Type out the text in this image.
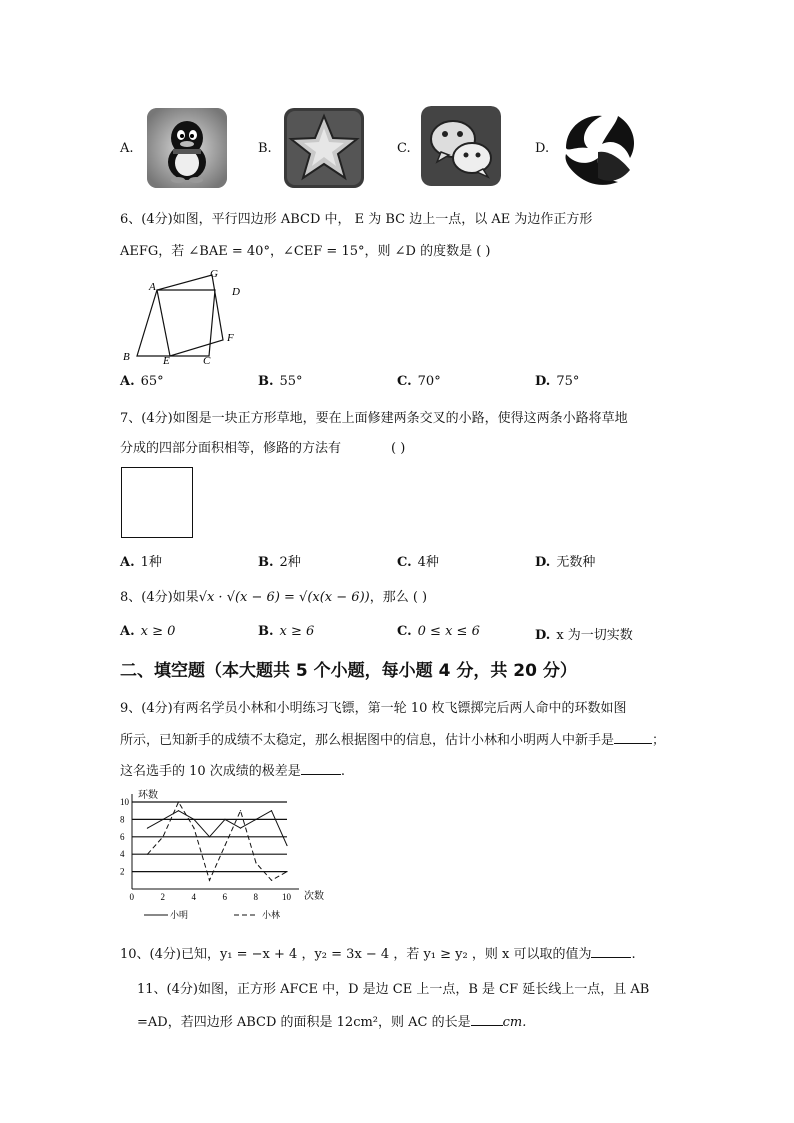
A.	B.	C.	D.
6、(4分)如图，平行四边形 ABCD 中， E 为 BC 边上一点，以 AE 为边作正方形
AEFG，若 ∠BAE = 40°，∠CEF = 15°，则 ∠D 的度数是 ( )
A
B	C
D
E
F
G
A. 65°	B. 55°	C. 70°	D. 75°
7、(4分)如图是一块正方形草地，要在上面修建两条交叉的小路，使得这两条小路将草地
分成的四部分面积相等，修路的方法有	( )
A. 1种	B. 2种	C. 4种	D. 无数种
8、(4分)如果√x · √(x − 6) = √(x(x − 6))，那么 ( )
A. x ≥ 0	B. x ≥ 6	C. 0 ≤ x ≤ 6	D. x 为一切实数
二、填空题（本大题共 5 个小题，每小题 4 分，共 20 分）
9、(4分)有两名学员小林和小明练习飞镖，第一轮 10 枚飞镖掷完后两人命中的环数如图
所示，已知新手的成绩不太稳定，那么根据图中的信息，估计小林和小明两人中新手是	；
这名选手的 10 次成绩的极差是	.
环数
次数
2
4
6
8
10
0	2	4	6	8	10
小明	小林
10、(4分)已知，y₁ = −x + 4 ，y₂ = 3x − 4 ，若 y₁ ≥ y₂ ，则 x 可以取的值为	.
11、(4分)如图，正方形 AFCE 中，D 是边 CE 上一点，B 是 CF 延长线上一点，且 AB
=AD，若四边形 ABCD 的面积是 12cm²，则 AC 的长是 cm.
